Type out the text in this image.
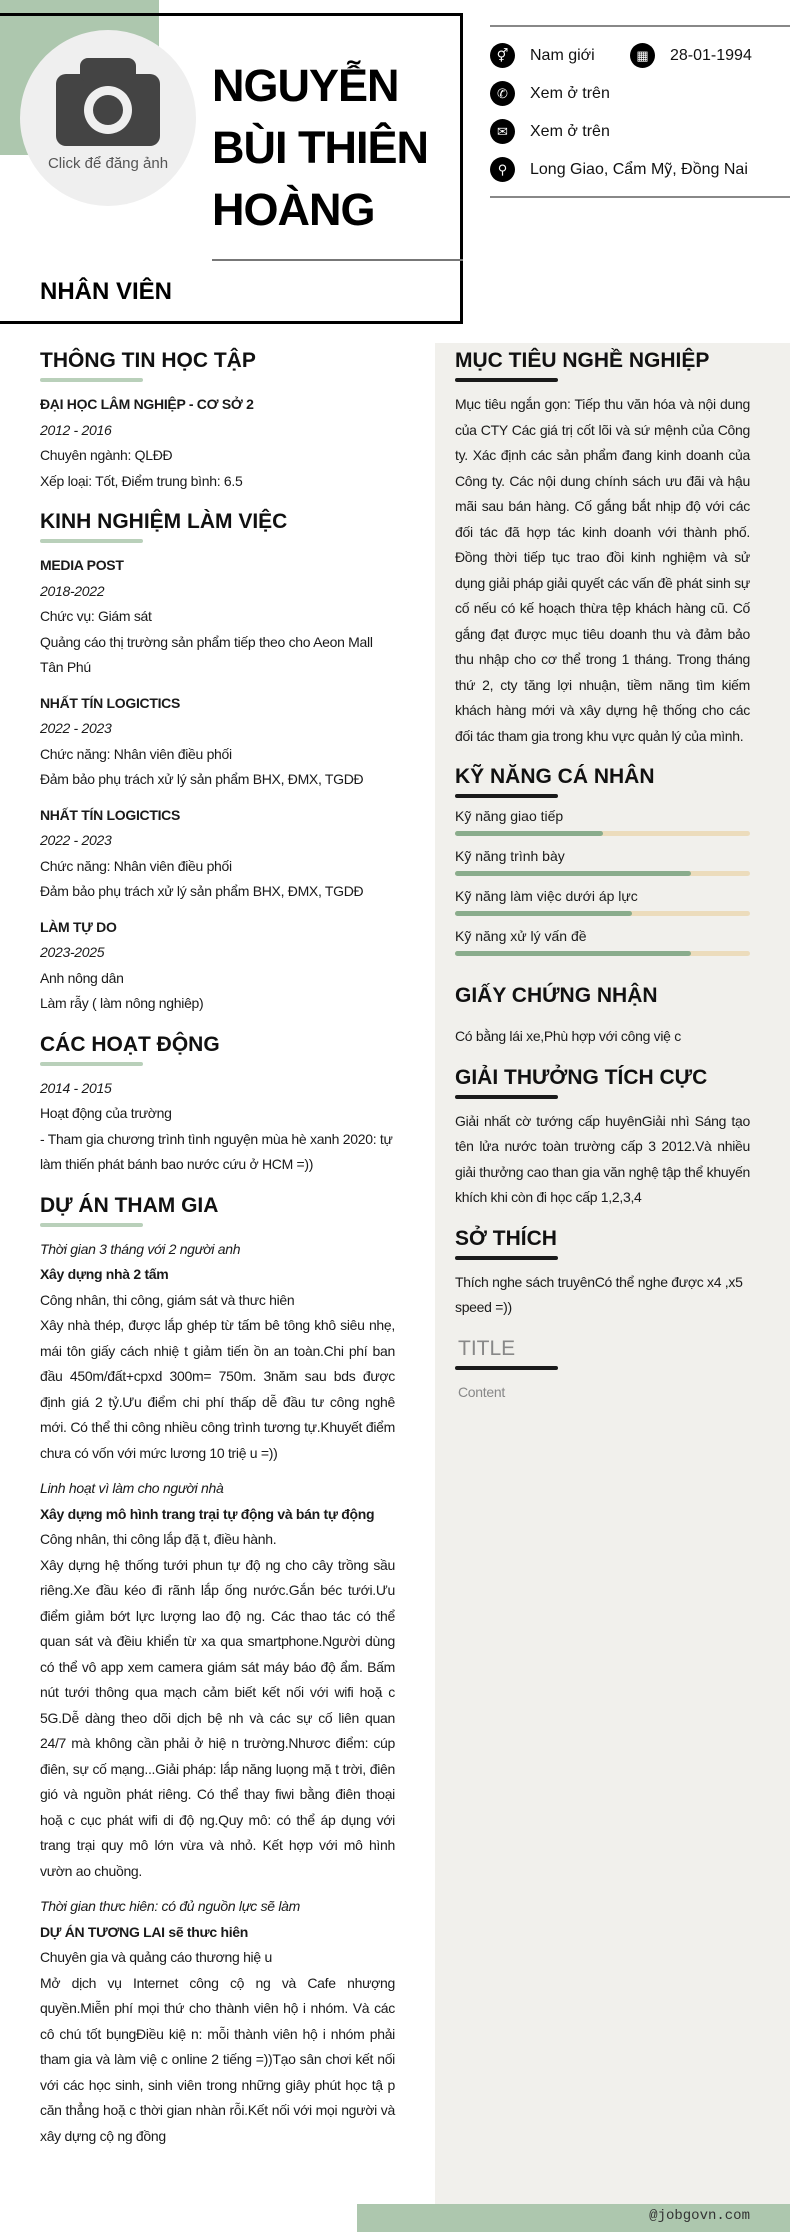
Click để đăng ảnh
NGUYỄN
BÙI THIÊN
HOÀNG
NHÂN VIÊN
⚥	Nam giới	▦	28-01-1994
✆	Xem ở trên
✉	Xem ở trên
⚲	Long Giao, Cẩm Mỹ, Đồng Nai
THÔNG TIN HỌC TẬP
ĐẠI HỌC LÂM NGHIỆP - CƠ SỞ 2
2012 - 2016
Chuyên ngành: QLĐĐ
Xếp loại: Tốt, Điểm trung bình: 6.5
KINH NGHIỆM LÀM VIỆC
MEDIA POST
2018-2022
Chức vụ: Giám sát
Quảng cáo thị trường sản phẩm tiếp theo cho Aeon Mall Tân Phú
NHẤT TÍN LOGICTICS
2022 - 2023
Chức năng: Nhân viên điều phối
Đảm bảo phụ trách xử lý sản phẩm BHX, ĐMX, TGDĐ
NHẤT TÍN LOGICTICS
2022 - 2023
Chức năng: Nhân viên điều phối
Đảm bảo phụ trách xử lý sản phẩm BHX, ĐMX, TGDĐ
LÀM TỰ DO
2023-2025
Anh nông dân
Làm rẫy ( làm nông nghiêp)
CÁC HOẠT ĐỘNG
2014 - 2015
Hoạt động của trường
- Tham gia chương trình tình nguyện mùa hè xanh 2020: tự làm thiến phát bánh bao nước cứu ở HCM =))
DỰ ÁN THAM GIA
Thời gian 3 tháng với 2 người anh
Xây dựng nhà 2 tấm
Công nhân, thi công, giám sát và thưc hiên
Xây nhà thép, được lắp ghép từ tấm bê tông khô siêu nhẹ, mái tôn giấy cách nhiệ t giảm tiến ồn an toàn.Chi phí ban đầu 450m/đất+cpxd 300m= 750m. 3năm sau bds được định giá 2 tỷ.Ưu điểm chi phí thấp dễ đầu tư công nghê mới. Có thể thi công nhiều công trình tương tự.Khuyết điểm chưa có vốn với mức lương 10 triệ u =))
Linh hoạt vì làm cho người nhà
Xây dựng mô hình trang trại tự động và bán tự động
Công nhân, thi công lắp đặ t, điều hành.
Xây dựng hệ thống tưới phun tự độ ng cho cây trồng sầu riêng.Xe đầu kéo đi rãnh lắp ống nước.Gắn béc tưới.Ưu điểm giảm bớt lực lượng lao độ ng. Các thao tác có thể quan sát và đềiu khiển từ xa qua smartphone.Người dùng có thể vô app xem camera giám sát máy báo độ ẩm. Bấm nút tưới thông qua mạch cảm biết kết nối với wifi hoặ c 5G.Dễ dàng theo dõi dịch bệ nh và các sự cố liên quan 24/7 mà không cần phải ở hiệ n trường.Nhươc điểm: cúp điên, sự cố mạng...Giải pháp: lắp năng luọng mặ t trời, điên gió và nguồn phát riêng. Có thể thay fiwi bằng điên thoại hoặ c cục phát wifi di độ ng.Quy mô: có thể áp dụng với trang trại quy mô lớn vừa và nhỏ. Kết hợp với mô hình vườn ao chuồng.
Thời gian thưc hiên: có đủ nguồn lực sẽ làm
DỰ ÁN TƯƠNG LAI sẽ thưc hiên
Chuyên gia và quảng cáo thương hiệ u
Mở dịch vụ Internet công cộ ng và Cafe nhượng quyền.Miễn phí mọi thứ cho thành viên hộ i nhóm. Và các cô chú tốt bụngĐiều kiệ n: mỗi thành viên hộ i nhóm phải tham gia và làm việ c online 2 tiếng =))Tạo sân chơi kết nối với các học sinh, sinh viên trong những giây phút học tậ p căn thẳng hoặ c thời gian nhàn rỗi.Kết nối với mọi người và xây dựng cộ ng đồng
MỤC TIÊU NGHỀ NGHIỆP
Mục tiêu ngắn gọn: Tiếp thu văn hóa và nội dung của CTY Các giá trị cốt lõi và sứ mệnh của Công ty. Xác định các sản phẩm đang kinh doanh của Công ty. Các nội dung chính sách ưu đãi và hậu mãi sau bán hàng. Cố gắng bắt nhịp độ với các đối tác đã hợp tác kinh doanh với thành phố. Đồng thời tiếp tục trao đồi kinh nghiệm và sử dụng giải pháp giải quyết các vấn đề phát sinh sự cố nếu có kế hoạch thừa tệp khách hàng cũ. Cố gắng đạt được mục tiêu doanh thu và đảm bảo thu nhập cho cơ thể trong 1 tháng. Trong tháng thứ 2, cty tăng lợi nhuận, tiềm năng tìm kiếm khách hàng mới và xây dựng hệ thống cho các đối tác tham gia trong khu vực quản lý của mình.
KỸ NĂNG CÁ NHÂN
Kỹ năng giao tiếp
Kỹ năng trình bày
Kỹ năng làm việc dưới áp lực
Kỹ năng xử lý vấn đề
GIẤY CHỨNG NHẬN
Có bằng lái xe,Phù hợp với công việ c
GIẢI THƯỞNG TÍCH CỰC
Giải nhất cờ tướng cấp huyênGiải nhì Sáng tạo tên lửa nước toàn trường cấp 3 2012.Và nhiều giải thưởng cao than gia văn nghệ tập thể khuyến khích khi còn đi học cấp 1,2,3,4
SỞ THÍCH
Thích nghe sách truyênCó thể nghe được x4 ,x5 speed =))
TITLE
Content
@jobgovn.com
